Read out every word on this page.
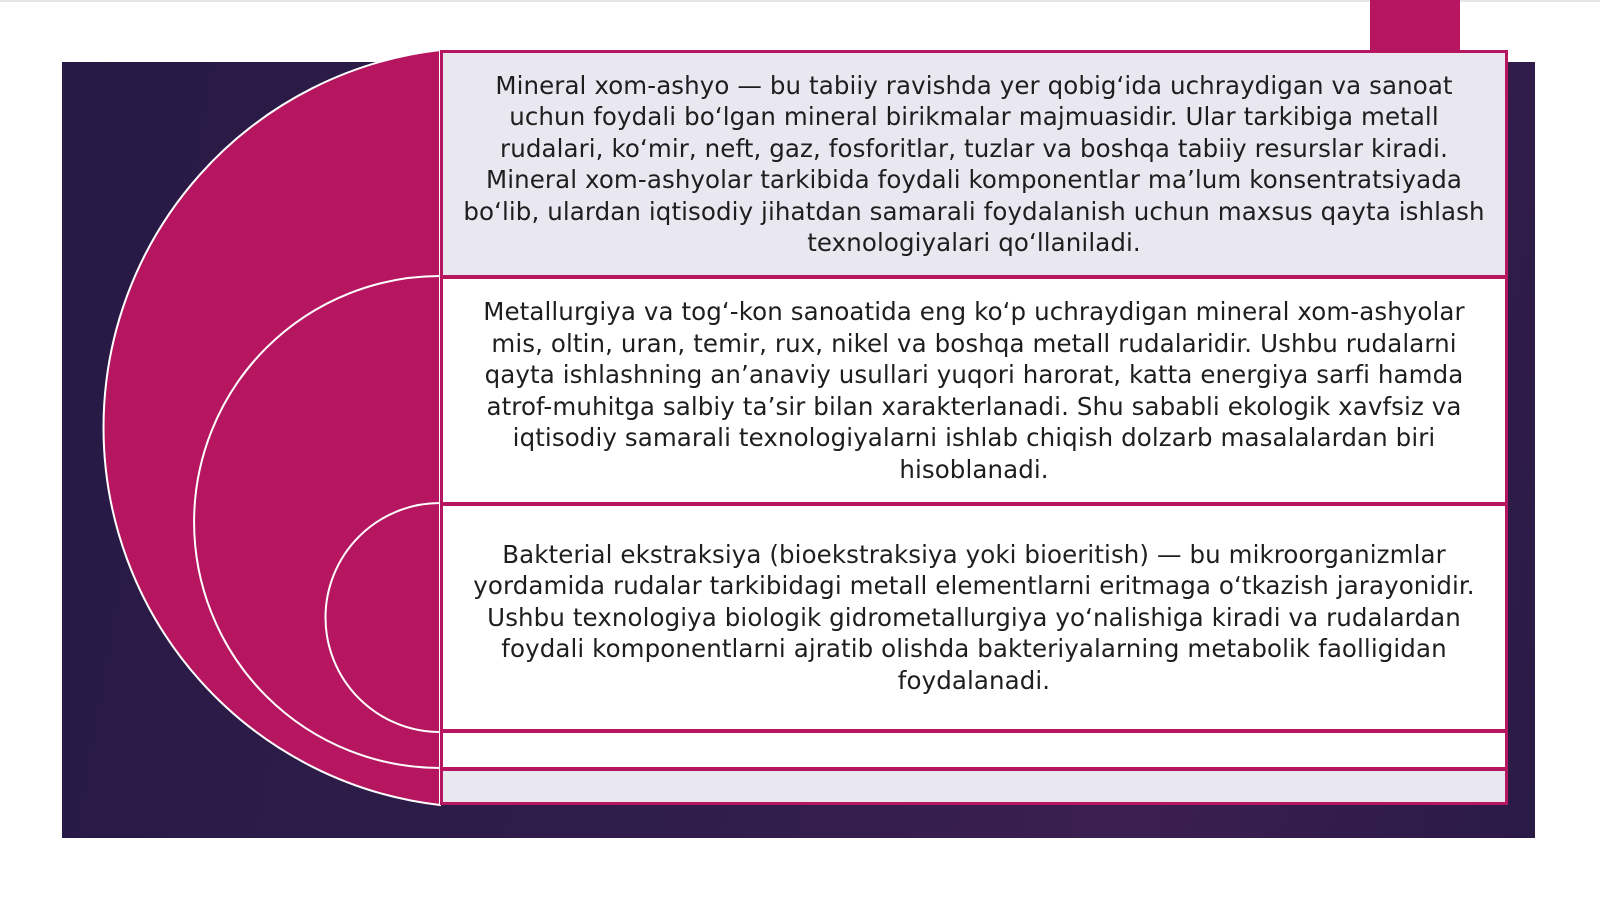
Mineral xom-ashyo — bu tabiiy ravishda yer qobig‘ida uchraydigan va sanoat uchun foydali bo‘lgan mineral birikmalar majmuasidir. Ular tarkibiga metall rudalari, ko‘mir, neft, gaz, fosforitlar, tuzlar va boshqa tabiiy resurslar kiradi. Mineral xom-ashyolar tarkibida foydali komponentlar ma’lum konsentratsiyada bo‘lib, ulardan iqtisodiy jihatdan samarali foydalanish uchun maxsus qayta ishlash texnologiyalari qo‘llaniladi.

Metallurgiya va tog‘-kon sanoatida eng ko‘p uchraydigan mineral xom-ashyolar mis, oltin, uran, temir, rux, nikel va boshqa metall rudalaridir. Ushbu rudalarni qayta ishlashning an’anaviy usullari yuqori harorat, katta energiya sarfi hamda atrof-muhitga salbiy ta’sir bilan xarakterlanadi. Shu sababli ekologik xavfsiz va iqtisodiy samarali texnologiyalarni ishlab chiqish dolzarb masalalardan biri hisoblanadi.

Bakterial ekstraksiya (bioekstraksiya yoki bioeritish) — bu mikroorganizmlar yordamida rudalar tarkibidagi metall elementlarni eritmaga o‘tkazish jarayonidir. Ushbu texnologiya biologik gidrometallurgiya yo‘nalishiga kiradi va rudalardan foydali komponentlarni ajratib olishda bakteriyalarning metabolik faolligidan foydalanadi.
